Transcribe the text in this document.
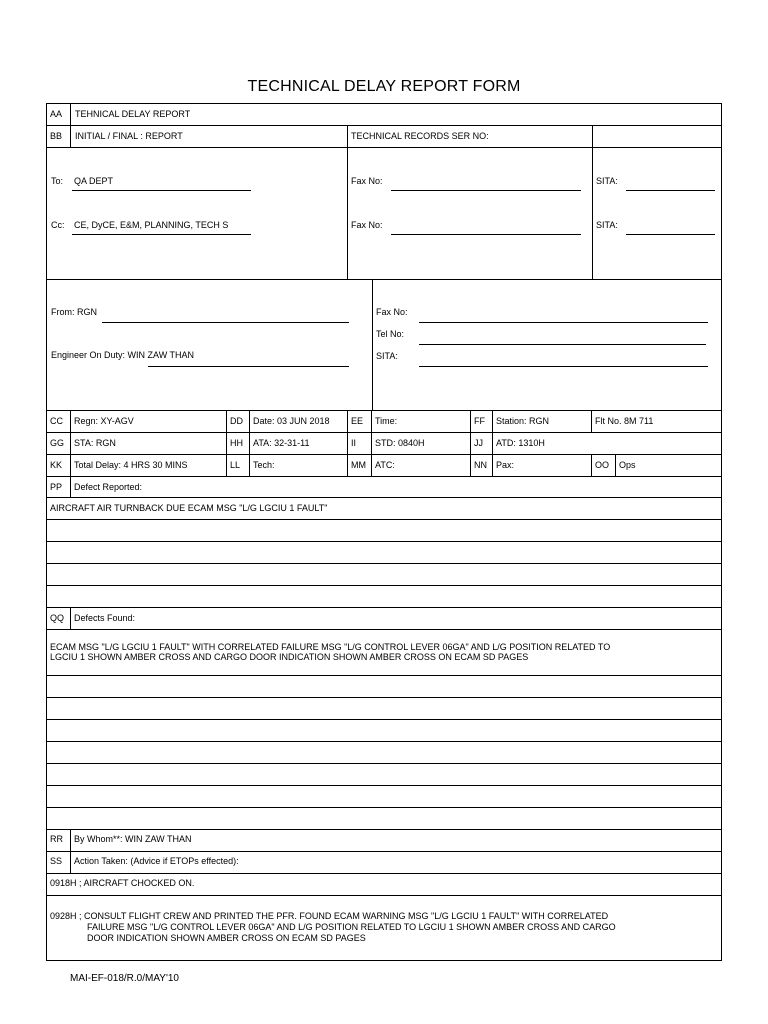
TECHNICAL DELAY REPORT FORM
AA TEHNICAL DELAY REPORT
BB INITIAL / FINAL : REPORT	TECHNICAL RECORDS SER NO:
To: QA DEPT	Fax No:	SITA:
Cc: CE, DyCE, E&M, PLANNING, TECH S	Fax No:	SITA:
From: RGN
Engineer On Duty: WIN ZAW THAN
Fax No:
Tel No:
SITA:
CC Regn: XY-AGV	DD Date: 03 JUN 2018 EE Time:	FF Station: RGN	Flt No. 8M 711
GG STA: RGN	HH ATA: 32-31-11	II STD: 0840H	JJ ATD: 1310H
KK Total Delay: 4 HRS 30 MINS	LL Tech:	MM ATC:	NN Pax:	OO Ops
PP Defect Reported:
AIRCRAFT AIR TURNBACK DUE ECAM MSG "L/G LGCIU 1 FAULT"
QQ Defects Found:
ECAM MSG "L/G LGCIU 1 FAULT" WITH CORRELATED FAILURE MSG "L/G CONTROL LEVER 06GA" AND L/G POSITION RELATED TO
LGCIU 1 SHOWN AMBER CROSS AND CARGO DOOR INDICATION SHOWN AMBER CROSS ON ECAM SD PAGES
RR By Whom**: WIN ZAW THAN
SS Action Taken: (Advice if ETOPs effected):
0918H ; AIRCRAFT CHOCKED ON.
0928H ; CONSULT FLIGHT CREW AND PRINTED THE PFR. FOUND ECAM WARNING MSG "L/G LGCIU 1 FAULT" WITH CORRELATED
FAILURE MSG "L/G CONTROL LEVER 06GA" AND L/G POSITION RELATED TO LGCIU 1 SHOWN AMBER CROSS AND CARGO
DOOR INDICATION SHOWN AMBER CROSS ON ECAM SD PAGES
MAI-EF-018/R.0/MAY'10
